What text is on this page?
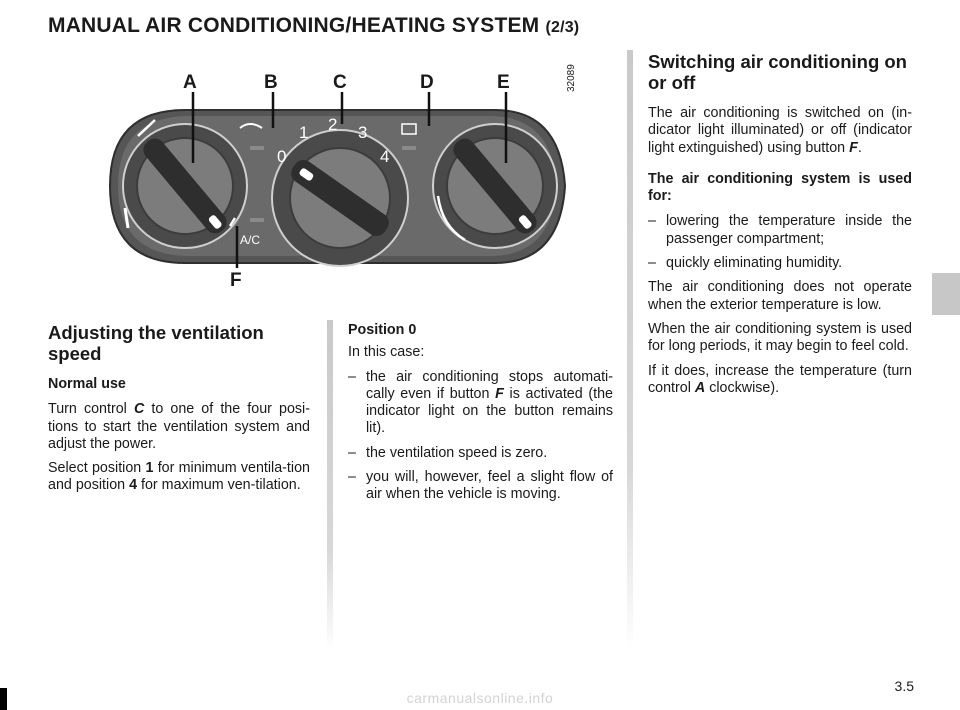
MANUAL AIR CONDITIONING/HEATING SYSTEM (2/3)
0
1 2 3
4
A/C
A	B	C	D	E
F
32089
Adjusting the ventilation speed

Normal use

Turn control C to one of the four posi-tions to start the ventilation system and adjust the power.

Select position 1 for minimum ventila-tion and position 4 for maximum ven-tilation.

Position 0

In this case:

– the air conditioning stops automati-cally even if button F is activated (the indicator light on the button remains lit).
– the ventilation speed is zero.
– you will, however, feel a slight flow of air when the vehicle is moving.
Switching air conditioning on or off

The air conditioning is switched on (in-dicator light illuminated) or off (indicator light extinguished) using button F.

The air conditioning system is used for:

– lowering the temperature inside the passenger compartment;
– quickly eliminating humidity.

The air conditioning does not operate when the exterior temperature is low.

When the air conditioning system is used for long periods, it may begin to feel cold.

If it does, increase the temperature (turn control A clockwise).

3.5
carmanualsonline.info
